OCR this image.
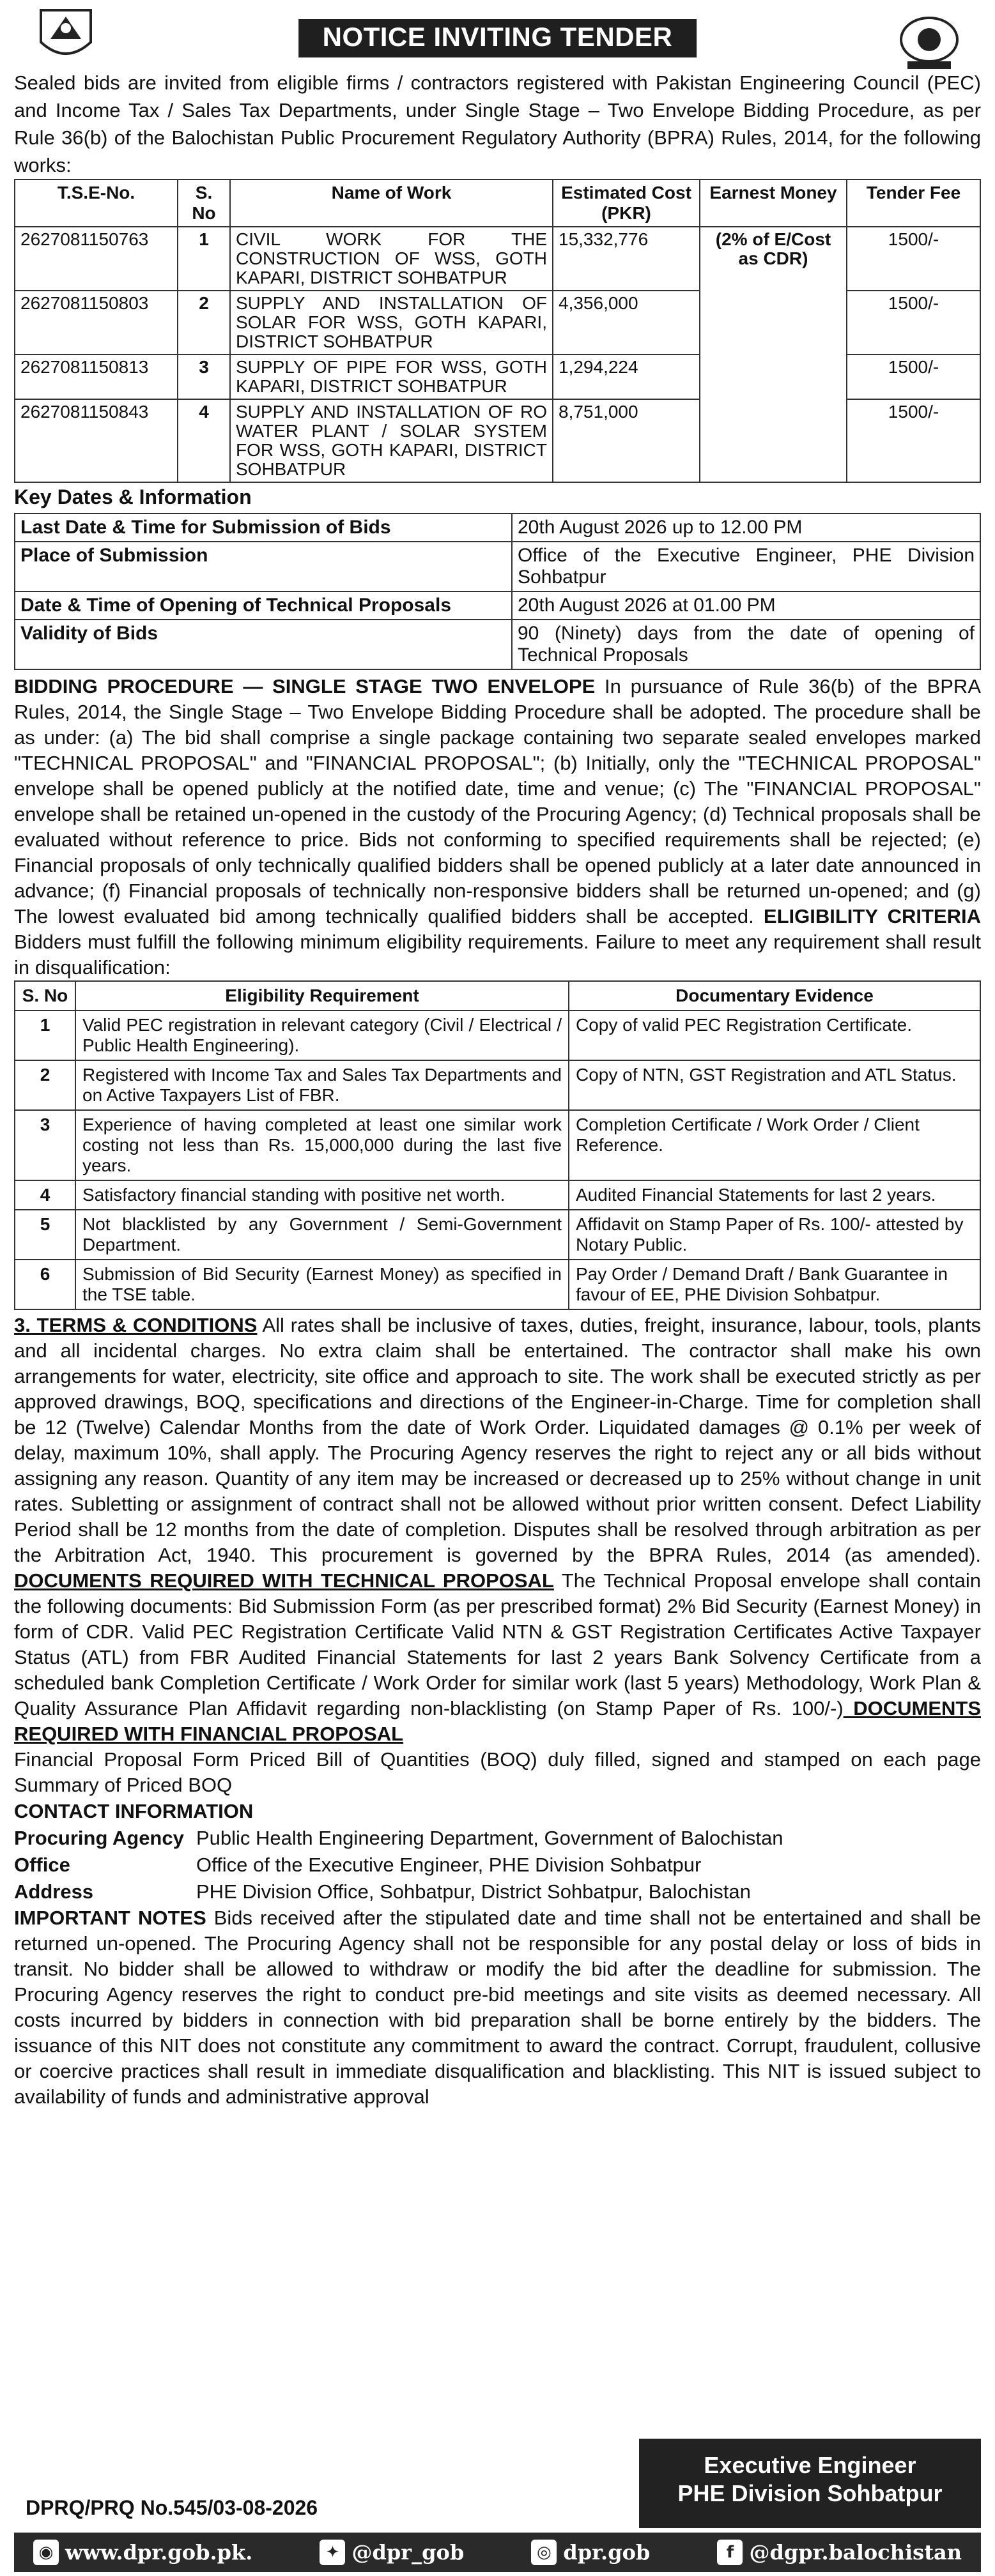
NOTICE INVITING TENDER

Sealed bids are invited from eligible firms / contractors registered with Pakistan Engineering Council (PEC) and Income Tax / Sales Tax Departments, under Single Stage – Two Envelope Bidding Procedure, as per Rule 36(b) of the Balochistan Public Procurement Regulatory Authority (BPRA) Rules, 2014, for the following works:

T.S.E-No.	S. No	Name of Work	Estimated Cost (PKR)	Earnest Money	Tender Fee
2627081150763	1	CIVIL WORK FOR THE CONSTRUCTION OF WSS, GOTH KAPARI, DISTRICT SOHBATPUR	15,332,776	(2% of E/Cost as CDR)	1500/-
2627081150803	2	SUPPLY AND INSTALLATION OF SOLAR FOR WSS, GOTH KAPARI, DISTRICT SOHBATPUR	4,356,000		1500/-
2627081150813	3	SUPPLY OF PIPE FOR WSS, GOTH KAPARI, DISTRICT SOHBATPUR	1,294,224		1500/-
2627081150843	4	SUPPLY AND INSTALLATION OF RO WATER PLANT / SOLAR SYSTEM FOR WSS, GOTH KAPARI, DISTRICT SOHBATPUR	8,751,000		1500/-
Key Dates & Information
Last Date & Time for Submission of Bids	20th August 2026 up to 12.00 PM
Place of Submission	Office of the Executive Engineer, PHE Division Sohbatpur
Date & Time of Opening of Technical Proposals	20th August 2026 at 01.00 PM
Validity of Bids	90 (Ninety) days from the date of opening of Technical Proposals

BIDDING PROCEDURE — SINGLE STAGE TWO ENVELOPE In pursuance of Rule 36(b) of the BPRA Rules, 2014, the Single Stage – Two Envelope Bidding Procedure shall be adopted. The procedure shall be as under: (a) The bid shall comprise a single package containing two separate sealed envelopes marked "TECHNICAL PROPOSAL" and "FINANCIAL PROPOSAL"; (b) Initially, only the "TECHNICAL PROPOSAL" envelope shall be opened publicly at the notified date, time and venue; (c) The "FINANCIAL PROPOSAL" envelope shall be retained un-opened in the custody of the Procuring Agency; (d) Technical proposals shall be evaluated without reference to price. Bids not conforming to specified requirements shall be rejected; (e) Financial proposals of only technically qualified bidders shall be opened publicly at a later date announced in advance; (f) Financial proposals of technically non-responsive bidders shall be returned un-opened; and (g) The lowest evaluated bid among technically qualified bidders shall be accepted. ELIGIBILITY CRITERIA Bidders must fulfill the following minimum eligibility requirements. Failure to meet any requirement shall result in disqualification:

S. No	Eligibility Requirement	Documentary Evidence
1	Valid PEC registration in relevant category (Civil / Electrical / Public Health Engineering).	Copy of valid PEC Registration Certificate.
2	Registered with Income Tax and Sales Tax Departments and on Active Taxpayers List of FBR.	Copy of NTN, GST Registration and ATL Status.
3	Experience of having completed at least one similar work costing not less than Rs. 15,000,000 during the last five years.	Completion Certificate / Work Order / Client Reference.
4	Satisfactory financial standing with positive net worth.	Audited Financial Statements for last 2 years.
5	Not blacklisted by any Government / Semi-Government Department.	Affidavit on Stamp Paper of Rs. 100/- attested by Notary Public.
6	Submission of Bid Security (Earnest Money) as specified in the TSE table.	Pay Order / Demand Draft / Bank Guarantee in favour of EE, PHE Division Sohbatpur.

3. TERMS & CONDITIONS All rates shall be inclusive of taxes, duties, freight, insurance, labour, tools, plants and all incidental charges. No extra claim shall be entertained. The contractor shall make his own arrangements for water, electricity, site office and approach to site. The work shall be executed strictly as per approved drawings, BOQ, specifications and directions of the Engineer-in-Charge. Time for completion shall be 12 (Twelve) Calendar Months from the date of Work Order. Liquidated damages @ 0.1% per week of delay, maximum 10%, shall apply. The Procuring Agency reserves the right to reject any or all bids without assigning any reason. Quantity of any item may be increased or decreased up to 25% without change in unit rates. Subletting or assignment of contract shall not be allowed without prior written consent. Defect Liability Period shall be 12 months from the date of completion. Disputes shall be resolved through arbitration as per the Arbitration Act, 1940. This procurement is governed by the BPRA Rules, 2014 (as amended). DOCUMENTS REQUIRED WITH TECHNICAL PROPOSAL The Technical Proposal envelope shall contain the following documents: Bid Submission Form (as per prescribed format) 2% Bid Security (Earnest Money) in form of CDR. Valid PEC Registration Certificate Valid NTN & GST Registration Certificates Active Taxpayer Status (ATL) from FBR Audited Financial Statements for last 2 years Bank Solvency Certificate from a scheduled bank Completion Certificate / Work Order for similar work (last 5 years) Methodology, Work Plan & Quality Assurance Plan Affidavit regarding non-blacklisting (on Stamp Paper of Rs. 100/-) DOCUMENTS REQUIRED WITH FINANCIAL PROPOSAL
Financial Proposal Form Priced Bill of Quantities (BOQ) duly filled, signed and stamped on each page Summary of Priced BOQ

CONTACT INFORMATION
Procuring Agency Public Health Engineering Department, Government of Balochistan
Office	Office of the Executive Engineer, PHE Division Sohbatpur
Address	PHE Division Office, Sohbatpur, District Sohbatpur, Balochistan

IMPORTANT NOTES Bids received after the stipulated date and time shall not be entertained and shall be returned un-opened. The Procuring Agency shall not be responsible for any postal delay or loss of bids in transit. No bidder shall be allowed to withdraw or modify the bid after the deadline for submission. The Procuring Agency reserves the right to conduct pre-bid meetings and site visits as deemed necessary. All costs incurred by bidders in connection with bid preparation shall be borne entirely by the bidders. The issuance of this NIT does not constitute any commitment to award the contract. Corrupt, fraudulent, collusive or coercive practices shall result in immediate disqualification and blacklisting. This NIT is issued subject to availability of funds and administrative approval

Executive Engineer
PHE Division Sohbatpur
DPRQ/PRQ No.545/03-08-2026
◉ www.dpr.gob.pk.	✦ @dpr_gob	◎ dpr.gob	f @dgpr.balochistan
